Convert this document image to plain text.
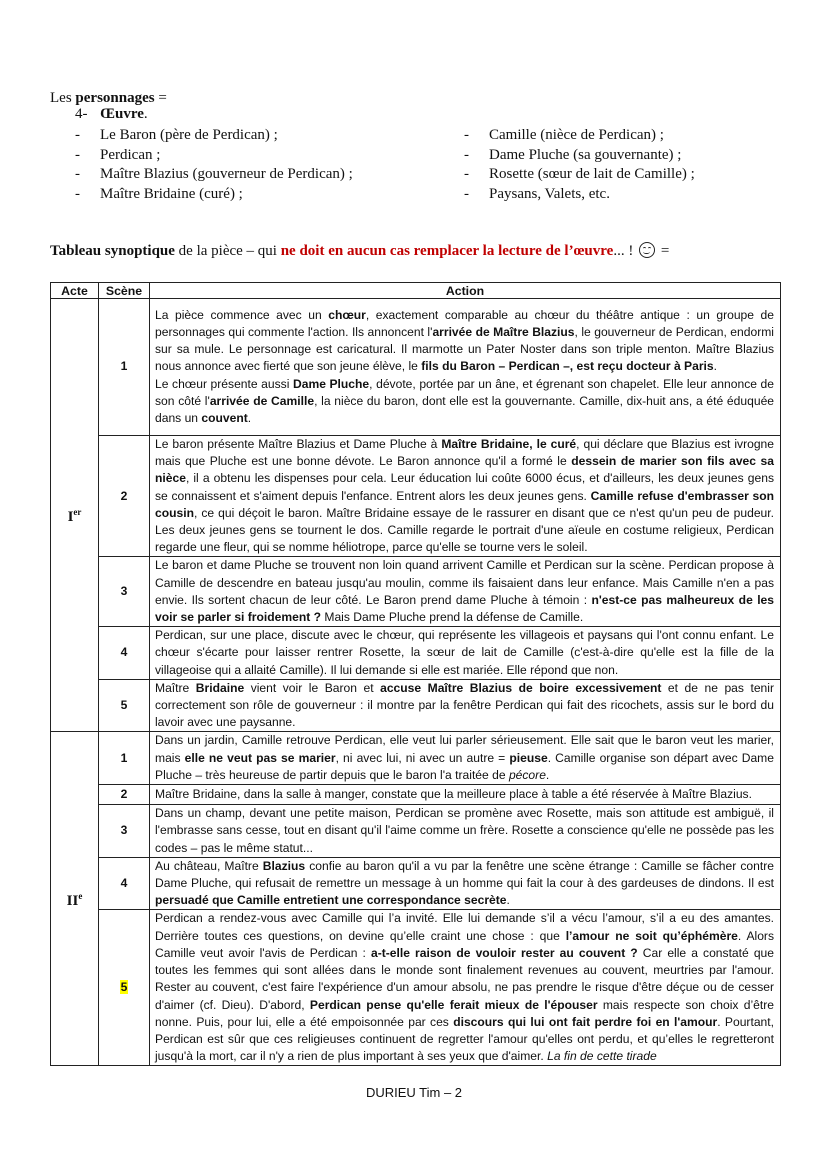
4- Œuvre.
Les personnages =
- Le Baron (père de Perdican) ;
- Perdican ;
- Maître Blazius (gouverneur de Perdican) ;
- Maître Bridaine (curé) ;
- Camille (nièce de Perdican) ;
- Dame Pluche (sa gouvernante) ;
- Rosette (sœur de lait de Camille) ;
- Paysans, Valets, etc.
Tableau synoptique de la pièce – qui ne doit en aucun cas remplacer la lecture de l’œuvre... !
=
Acte	Scène	Action
Ier	1	La pièce commence avec un chœur, exactement comparable au chœur du théâtre antique : un groupe de personnages qui commente l'action. Ils annoncent l'arrivée de Maître Blazius, le gouverneur de Perdican, endormi sur sa mule. Le personnage est caricatural. Il marmotte un Pater Noster dans son triple menton. Maître Blazius nous annonce avec fierté que son jeune élève, le fils du Baron – Perdican –, est reçu docteur à Paris.

Le chœur présente aussi Dame Pluche, dévote, portée par un âne, et égrenant son chapelet. Elle leur annonce de son côté l'arrivée de Camille, la nièce du baron, dont elle est la gouvernante. Camille, dix-huit ans, a été éduquée dans un couvent.

	2	Le baron présente Maître Blazius et Dame Pluche à Maître Bridaine, le curé, qui déclare que Blazius est ivrogne mais que Pluche est une bonne dévote. Le Baron annonce qu'il a formé le dessein de marier son fils avec sa nièce, il a obtenu les dispenses pour cela. Leur éducation lui coûte 6000 écus, et d'ailleurs, les deux jeunes gens se connaissent et s'aiment depuis l'enfance. Entrent alors les deux jeunes gens. Camille refuse d'embrasser son cousin, ce qui déçoit le baron. Maître Bridaine essaye de le rassurer en disant que ce n'est qu'un peu de pudeur. Les deux jeunes gens se tournent le dos. Camille regarde le portrait d'une aïeule en costume religieux, Perdican regarde une fleur, qui se nomme héliotrope, parce qu'elle se tourne vers le soleil.

	3	Le baron et dame Pluche se trouvent non loin quand arrivent Camille et Perdican sur la scène. Perdican propose à Camille de descendre en bateau jusqu'au moulin, comme ils faisaient dans leur enfance. Mais Camille n'en a pas envie. Ils sortent chacun de leur côté. Le Baron prend dame Pluche à témoin : n'est-ce pas malheureux de les voir se parler si froidement ? Mais Dame Pluche prend la défense de Camille.

	4	Perdican, sur une place, discute avec le chœur, qui représente les villageois et paysans qui l'ont connu enfant. Le chœur s'écarte pour laisser rentrer Rosette, la sœur de lait de Camille (c'est-à-dire qu'elle est la fille de la villageoise qui a allaité Camille). Il lui demande si elle est mariée. Elle répond que non.

	5	Maître Bridaine vient voir le Baron et accuse Maître Blazius de boire excessivement et de ne pas tenir correctement son rôle de gouverneur : il montre par la fenêtre Perdican qui fait des ricochets, assis sur le bord du lavoir avec une paysanne.

IIe	1	Dans un jardin, Camille retrouve Perdican, elle veut lui parler sérieusement. Elle sait que le baron veut les marier, mais elle ne veut pas se marier, ni avec lui, ni avec un autre = pieuse. Camille organise son départ avec Dame Pluche – très heureuse de partir depuis que le baron l'a traitée de pécore.

	2	Maître Bridaine, dans la salle à manger, constate que la meilleure place à table a été réservée à Maître Blazius.

	3	Dans un champ, devant une petite maison, Perdican se promène avec Rosette, mais son attitude est ambiguë, il l'embrasse sans cesse, tout en disant qu'il l'aime comme un frère. Rosette a conscience qu'elle ne possède pas les codes – pas le même statut...

	4	Au château, Maître Blazius confie au baron qu'il a vu par la fenêtre une scène étrange : Camille se fâcher contre Dame Pluche, qui refusait de remettre un message à un homme qui fait la cour à des gardeuses de dindons. Il est persuadé que Camille entretient une correspondance secrète.

	5	Perdican a rendez-vous avec Camille qui l’a invité. Elle lui demande s’il a vécu l’amour, s’il a eu des amantes. Derrière toutes ces questions, on devine qu’elle craint une chose : que l’amour ne soit qu’éphémère. Alors Camille veut avoir l'avis de Perdican : a-t-elle raison de vouloir rester au couvent ? Car elle a constaté que toutes les femmes qui sont allées dans le monde sont finalement revenues au couvent, meurtries par l'amour. Rester au couvent, c'est faire l'expérience d'un amour absolu, ne pas prendre le risque d'être déçue ou de cesser d'aimer (cf. Dieu). D'abord, Perdican pense qu'elle ferait mieux de l'épouser mais respecte son choix d’être nonne. Puis, pour lui, elle a été empoisonnée par ces discours qui lui ont fait perdre foi en l'amour. Pourtant, Perdican est sûr que ces religieuses continuent de regretter l'amour qu'elles ont perdu, et qu’elles le regretteront jusqu'à la mort, car il n'y a rien de plus important à ses yeux que d'aimer. La fin de cette tirade

DURIEU Tim – 2
